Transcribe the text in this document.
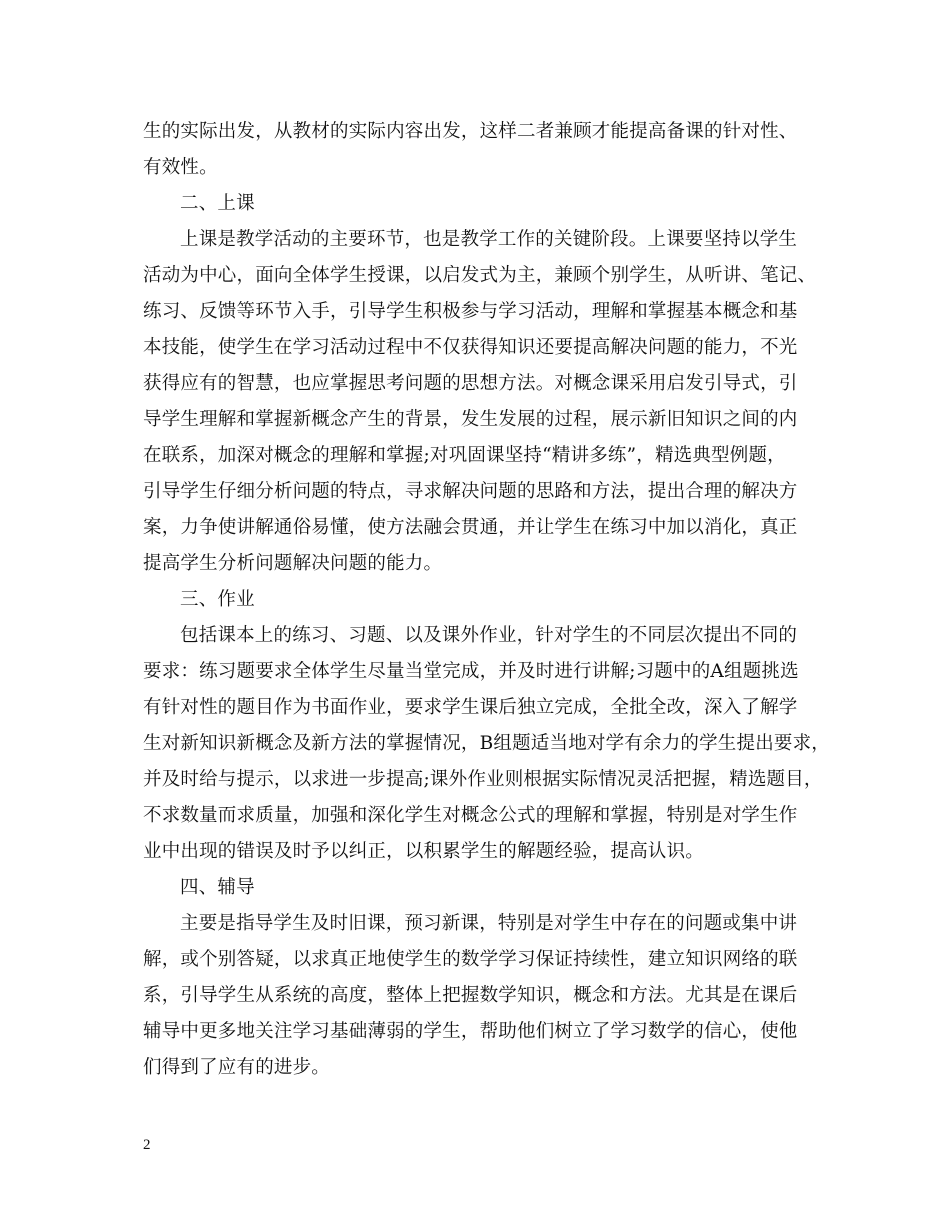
生的实际出发，从教材的实际内容出发，这样二者兼顾才能提高备课的针对性、
有效性。
二、上课
上课是教学活动的主要环节，也是教学工作的关键阶段。上课要坚持以学生
活动为中心，面向全体学生授课，以启发式为主，兼顾个别学生，从听讲、笔记、
练习、反馈等环节入手，引导学生积极参与学习活动，理解和掌握基本概念和基
本技能，使学生在学习活动过程中不仅获得知识还要提高解决问题的能力，不光
获得应有的智慧，也应掌握思考问题的思想方法。对概念课采用启发引导式，引
导学生理解和掌握新概念产生的背景，发生发展的过程，展示新旧知识之间的内
在联系，加深对概念的理解和掌握;对巩固课坚持“精讲多练”，精选典型例题，
引导学生仔细分析问题的特点，寻求解决问题的思路和方法，提出合理的解决方
案，力争使讲解通俗易懂，使方法融会贯通，并让学生在练习中加以消化，真正
提高学生分析问题解决问题的能力。
三、作业
包括课本上的练习、习题、以及课外作业，针对学生的不同层次提出不同的
要求：练习题要求全体学生尽量当堂完成，并及时进行讲解;习题中的A组题挑选
有针对性的题目作为书面作业，要求学生课后独立完成，全批全改，深入了解学
生对新知识新概念及新方法的掌握情况，B组题适当地对学有余力的学生提出要求，
并及时给与提示，以求进一步提高;课外作业则根据实际情况灵活把握，精选题目，
不求数量而求质量，加强和深化学生对概念公式的理解和掌握，特别是对学生作
业中出现的错误及时予以纠正，以积累学生的解题经验，提高认识。
四、辅导
主要是指导学生及时旧课，预习新课，特别是对学生中存在的问题或集中讲
解，或个别答疑，以求真正地使学生的数学学习保证持续性，建立知识网络的联
系，引导学生从系统的高度，整体上把握数学知识，概念和方法。尤其是在课后
辅导中更多地关注学习基础薄弱的学生，帮助他们树立了学习数学的信心，使他
们得到了应有的进步。
2
